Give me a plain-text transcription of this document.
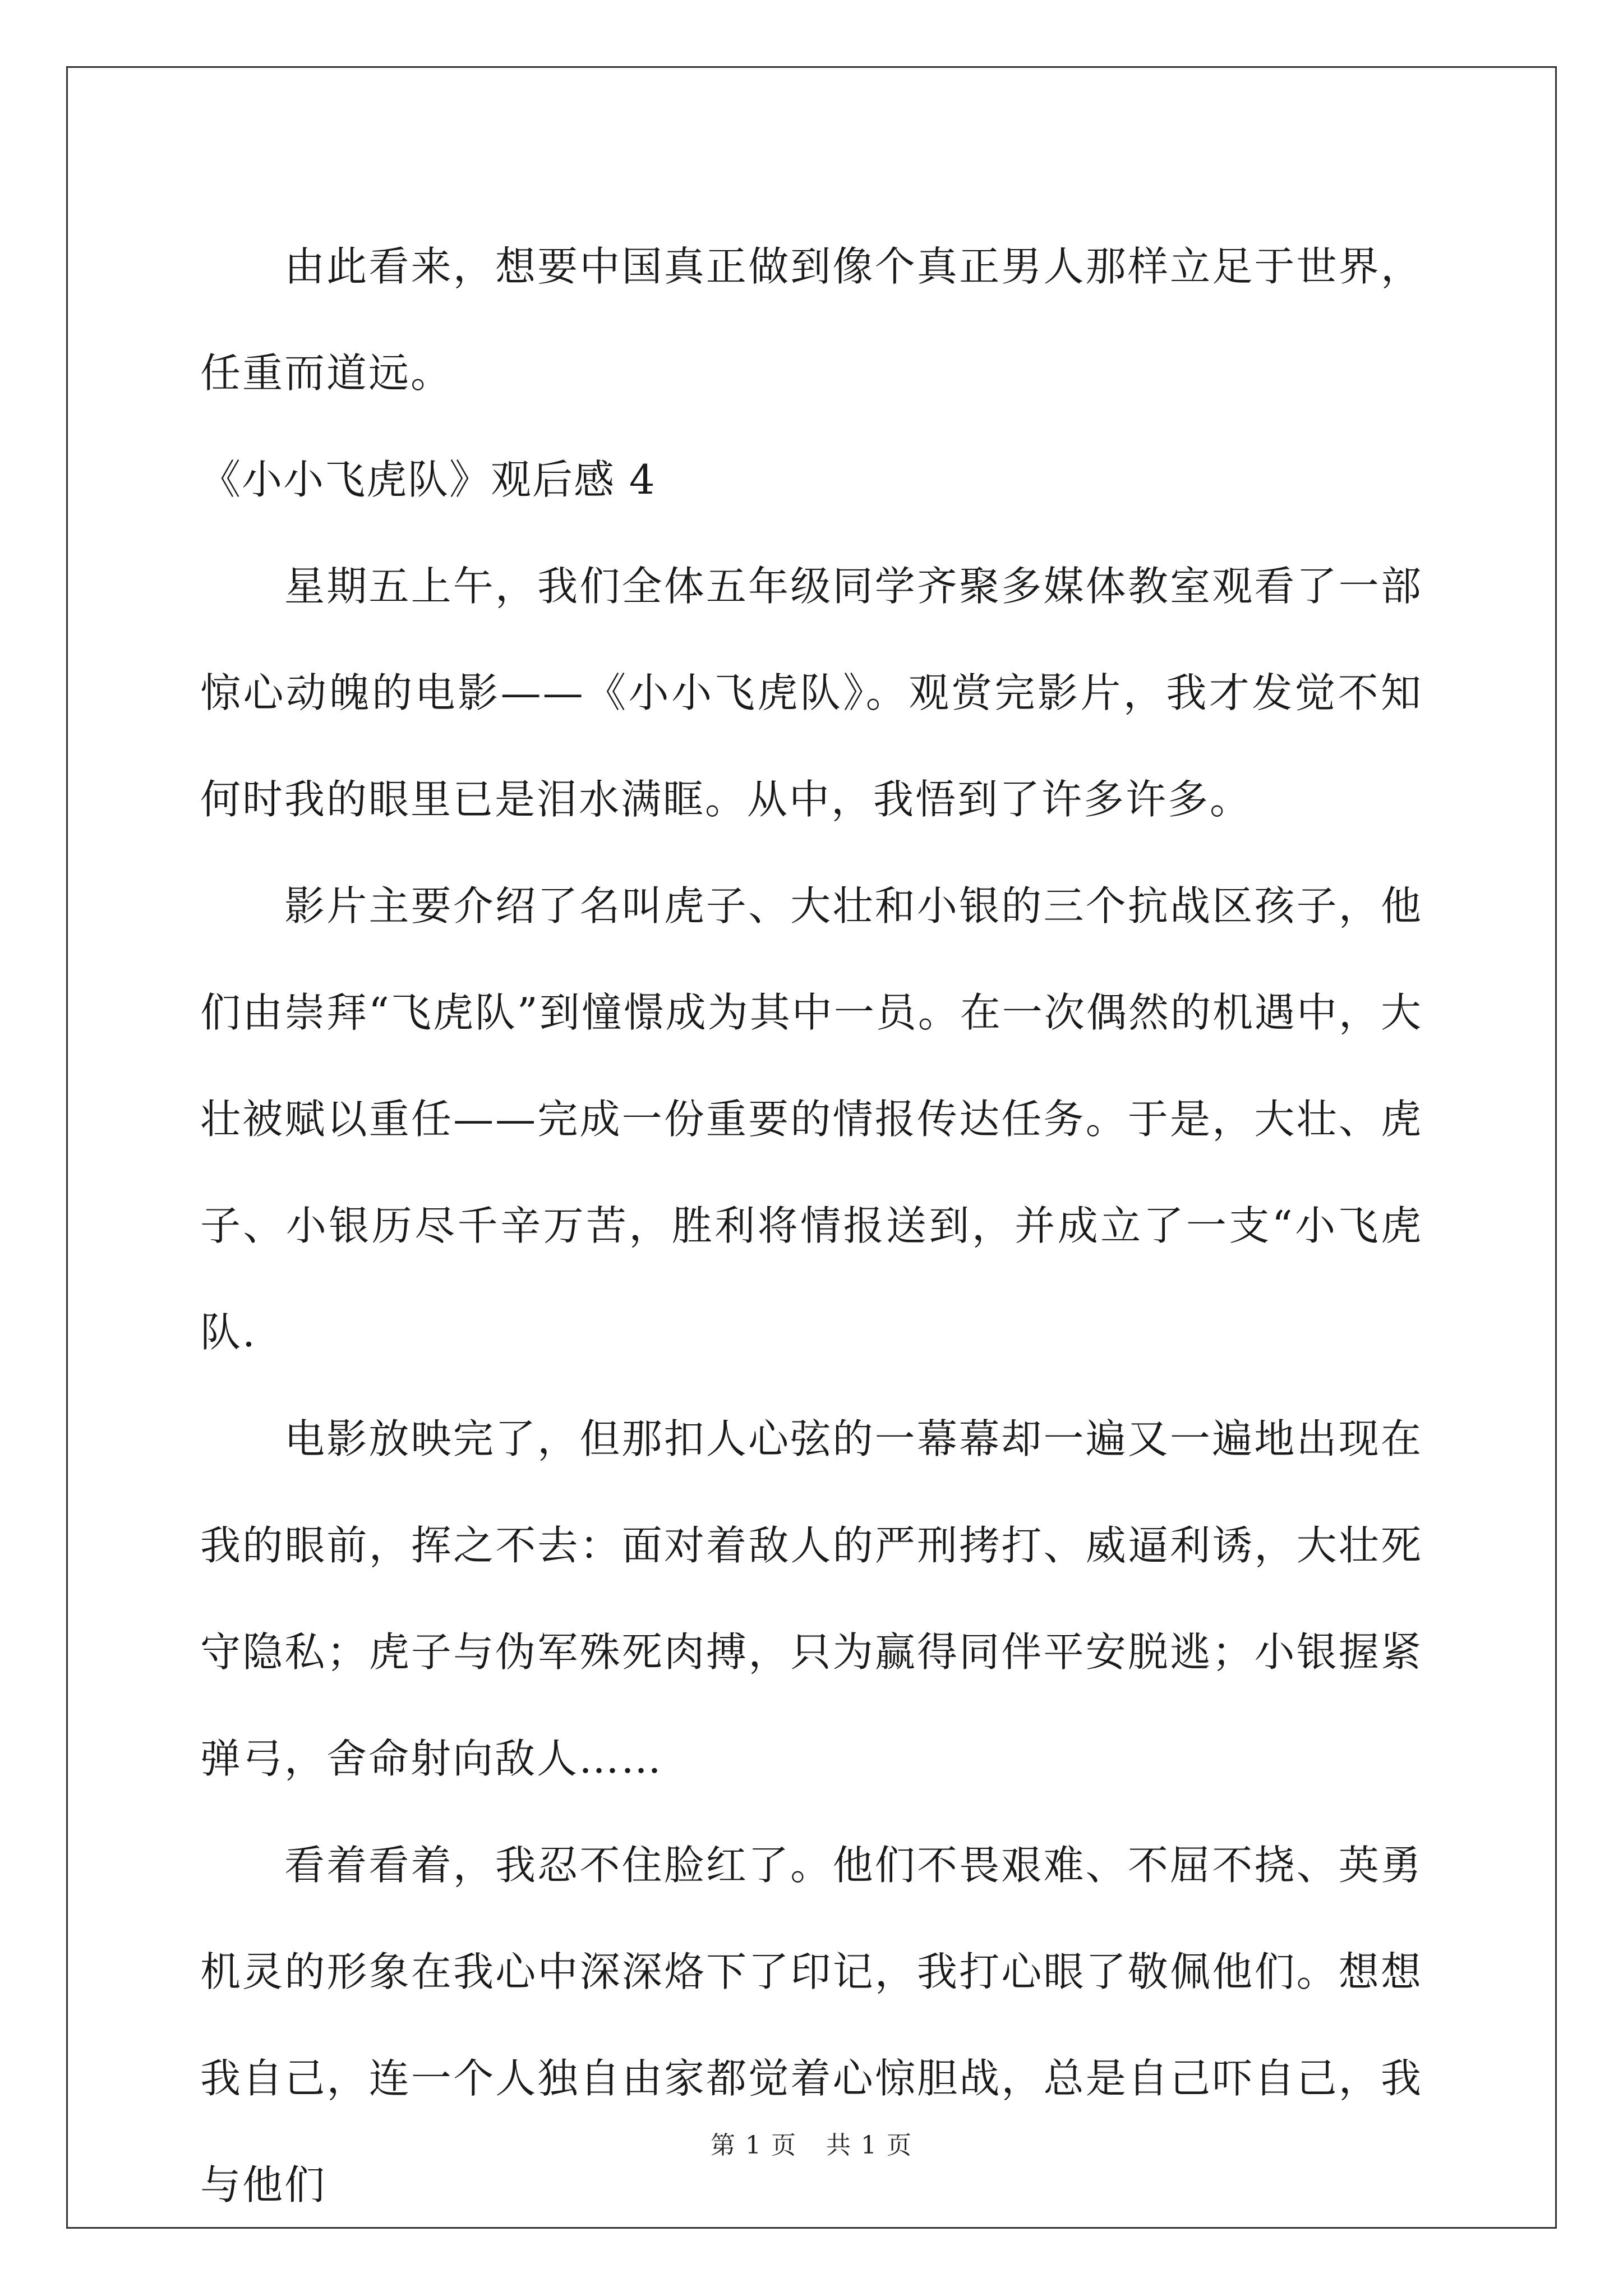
由此看来，想要中国真正做到像个真正男人那样立足于世界，任重而道远。

《小小飞虎队》观后感 4

星期五上午，我们全体五年级同学齐聚多媒体教室观看了一部惊心动魄的电影——《小小飞虎队》。观赏完影片，我才发觉不知何时我的眼里已是泪水满眶。从中，我悟到了许多许多。

影片主要介绍了名叫虎子、大壮和小银的三个抗战区孩子，他们由崇拜“飞虎队”到憧憬成为其中一员。在一次偶然的机遇中，大壮被赋以重任——完成一份重要的情报传达任务。于是，大壮、虎子、小银历尽千辛万苦，胜利将情报送到，并成立了一支“小飞虎队.

电影放映完了，但那扣人心弦的一幕幕却一遍又一遍地出现在我的眼前，挥之不去：面对着敌人的严刑拷打、威逼利诱，大壮死守隐私；虎子与伪军殊死肉搏，只为赢得同伴平安脱逃；小银握紧弹弓，舍命射向敌人……

看着看着，我忍不住脸红了。他们不畏艰难、不屈不挠、英勇机灵的形象在我心中深深烙下了印记，我打心眼了敬佩他们。想想我自己，连一个人独自由家都觉着心惊胆战，总是自己吓自己，我与他们

第 1 页 共 1 页
